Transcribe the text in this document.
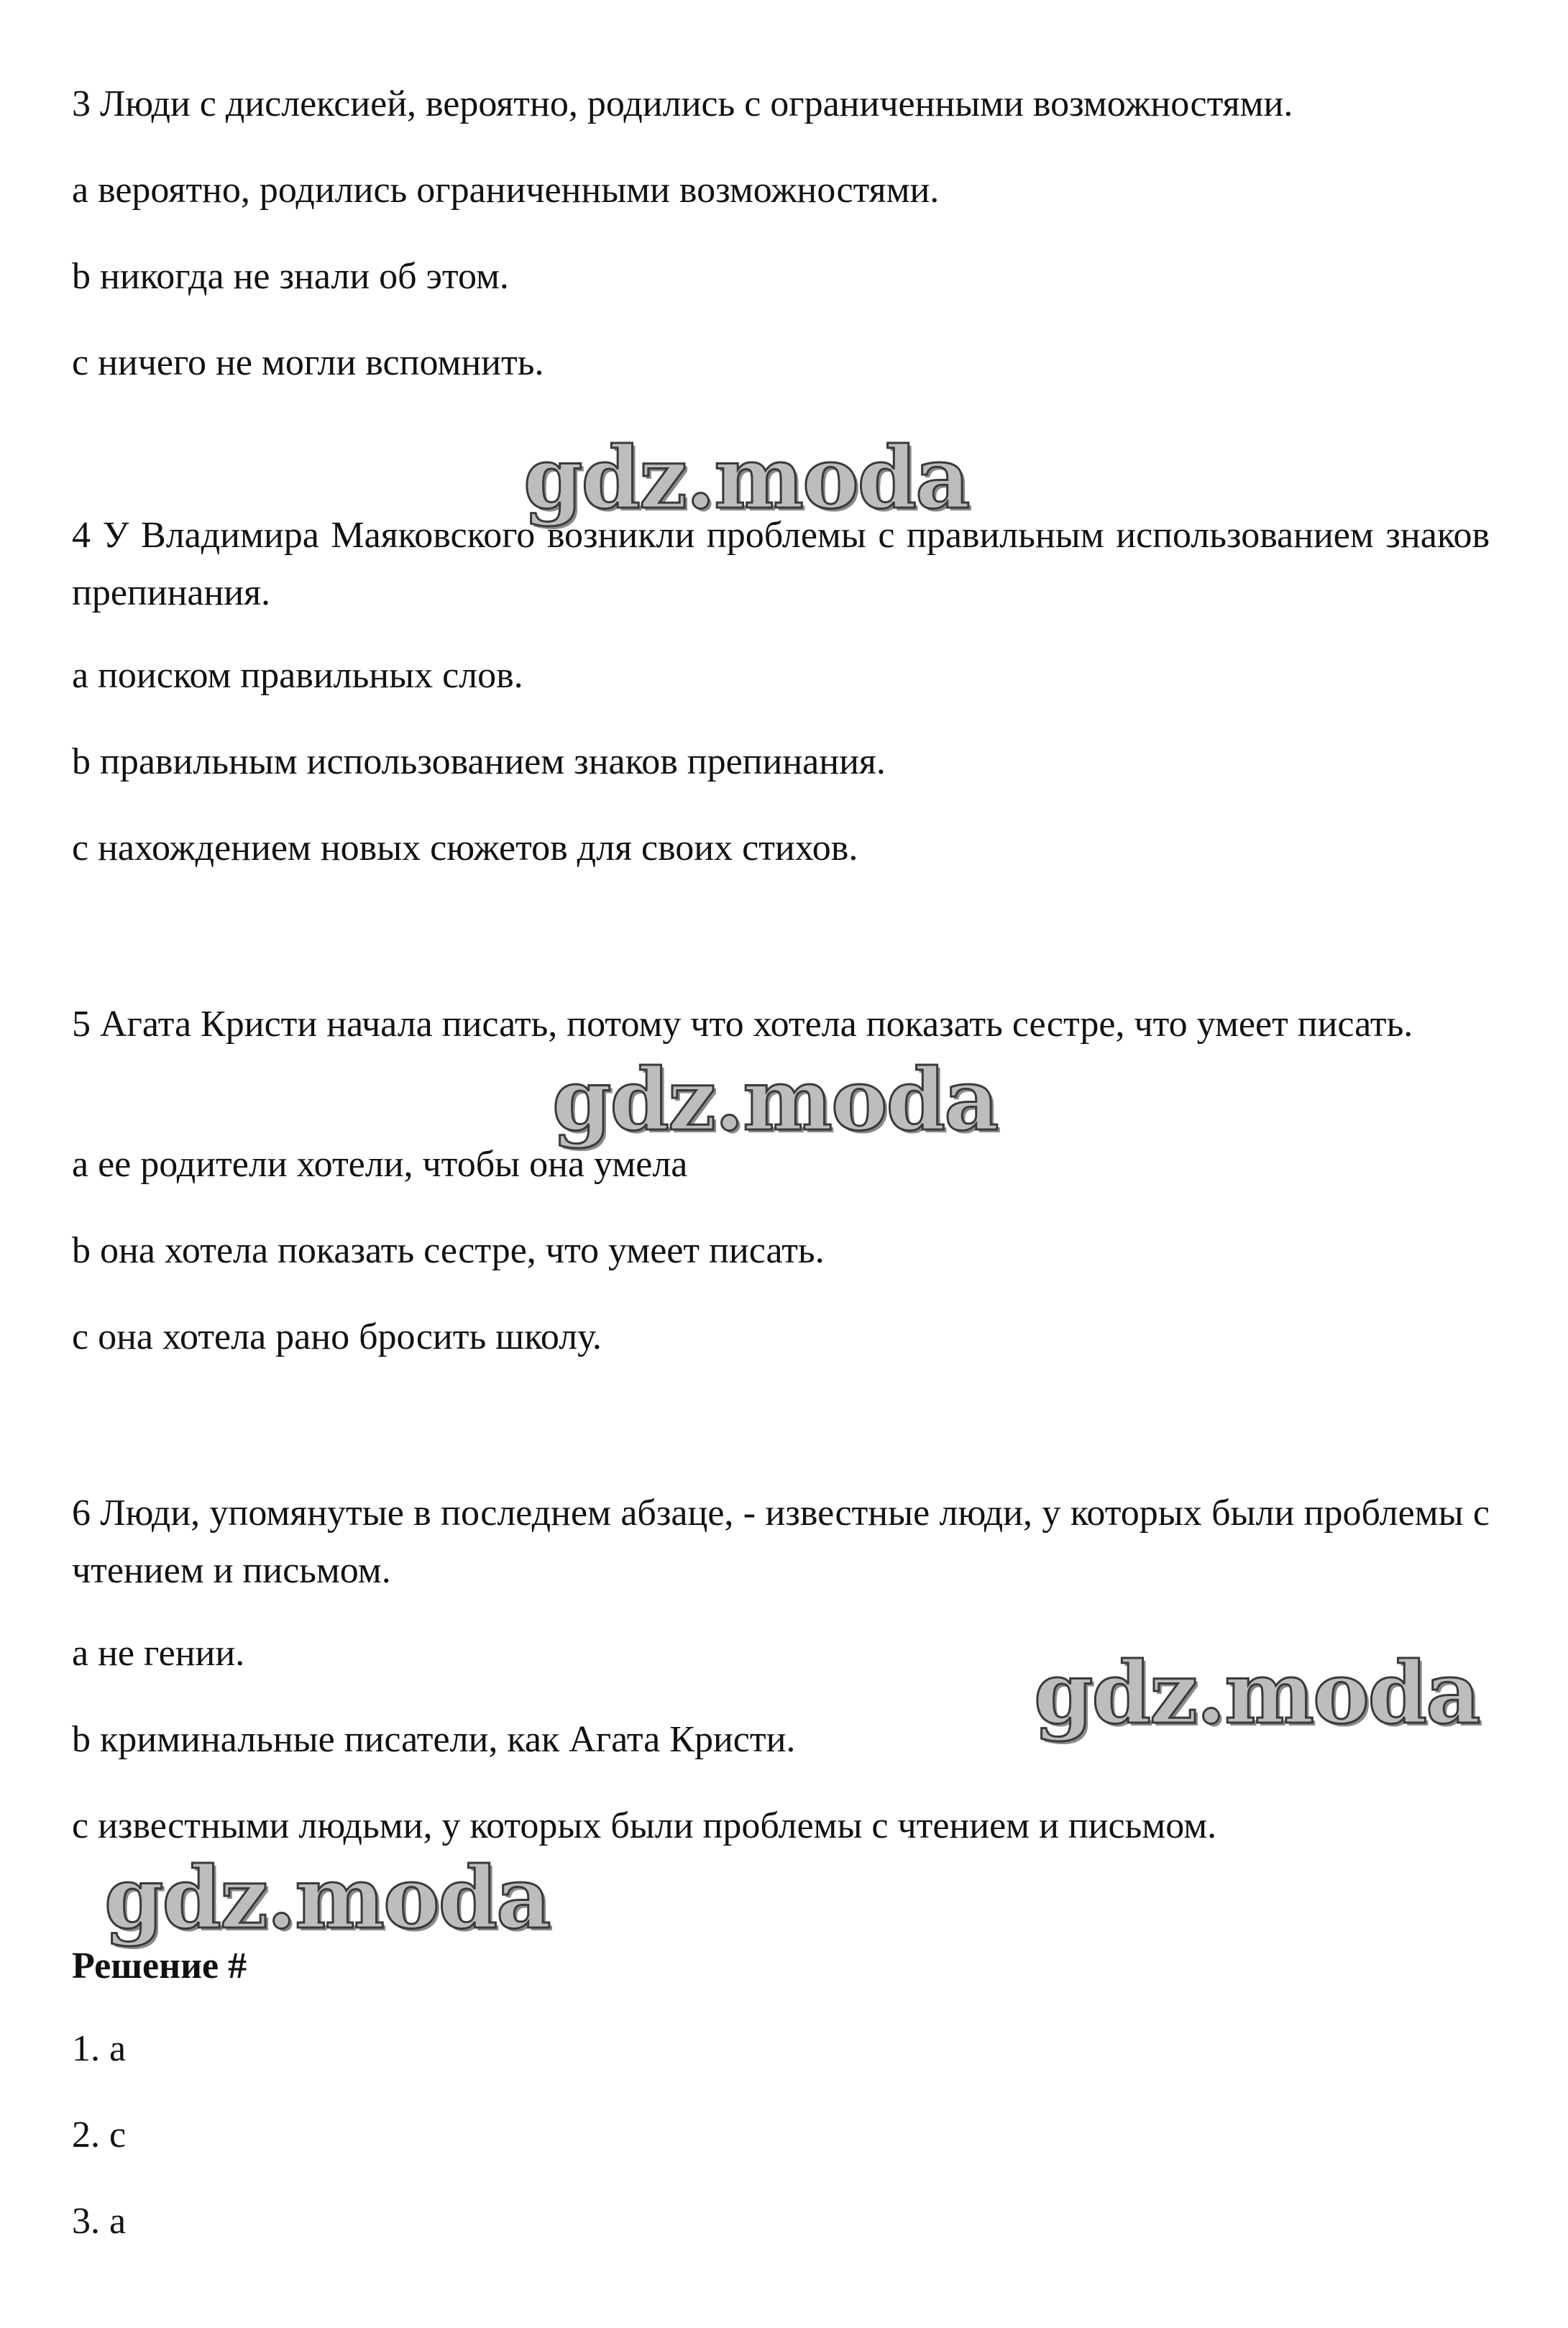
3 Люди с дислексией, вероятно, родились с ограниченными возможностями.
а вероятно, родились ограниченными возможностями.
b никогда не знали об этом.
с ничего не могли вспомнить.
gdz.moda
4 У Владимира Маяковского возникли проблемы с правильным использованием знаков препинания.
а поиском правильных слов.
b правильным использованием знаков препинания.
с нахождением новых сюжетов для своих стихов.
5 Агата Кристи начала писать, потому что хотела показать сестре, что умеет писать.
gdz.moda
а ее родители хотели, чтобы она умела
b она хотела показать сестре, что умеет писать.
с она хотела рано бросить школу.
6 Люди, упомянутые в последнем абзаце, - известные люди, у которых были проблемы с чтением и письмом.
а не гении.	gdz.moda
b криминальные писатели, как Агата Кристи.
с известными людьми, у которых были проблемы с чтением и письмом.
gdz.moda
Решение #
1. а
2. с
3. а
